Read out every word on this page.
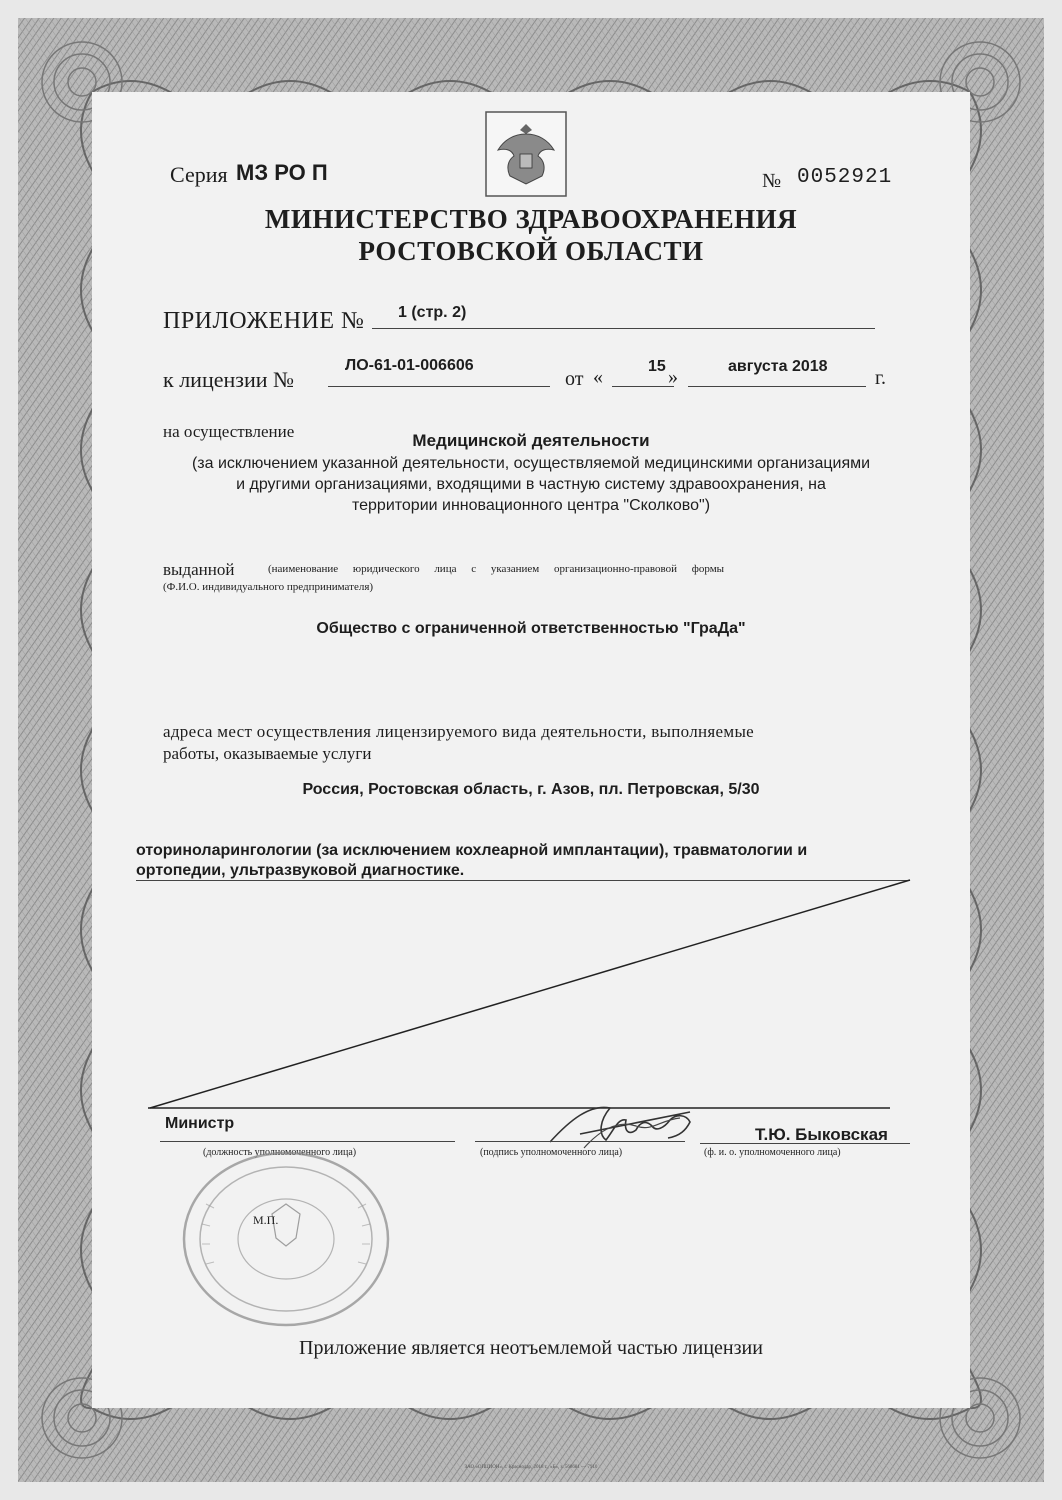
Серия МЗ РО П	№ 0052921
МИНИСТЕРСТВО ЗДРАВООХРАНЕНИЯ
РОСТОВСКОЙ ОБЛАСТИ
ПРИЛОЖЕНИЕ № 1 (стр. 2)
к лицензии №
ЛО-61-01-006606
от «	15 »	августа 2018
г.
на осуществление	Медицинской деятельности
(за исключением указанной деятельности, осуществляемой медицинскими организациями
и другими организациями, входящими в частную систему здравоохранения, на
территории инновационного центра "Сколково")
выданной	(наименование юридического лица с указанием организационно-правовой формы
(Ф.И.О. индивидуального предпринимателя)
Общество с ограниченной ответственностью "ГраДа"
адреса мест осуществления лицензируемого вида деятельности, выполняемые
работы, оказываемые услуги
Россия, Ростовская область, г. Азов, пл. Петровская, 5/30
оториноларингологии (за исключением кохлеарной имплантации), травматологии и
ортопедии, ультразвуковой диагностике.
Министр
(должность уполномоченного лица)	(подпись уполномоченного лица)
Т.Ю. Быковская
(ф. и. о. уполномоченного лица)
М.П.
Приложение является неотъемлемой частью лицензии
ЗАО «ОПЦИОН», г. Краснодар, 2018 г., «Б», з. 568681 — 7910
